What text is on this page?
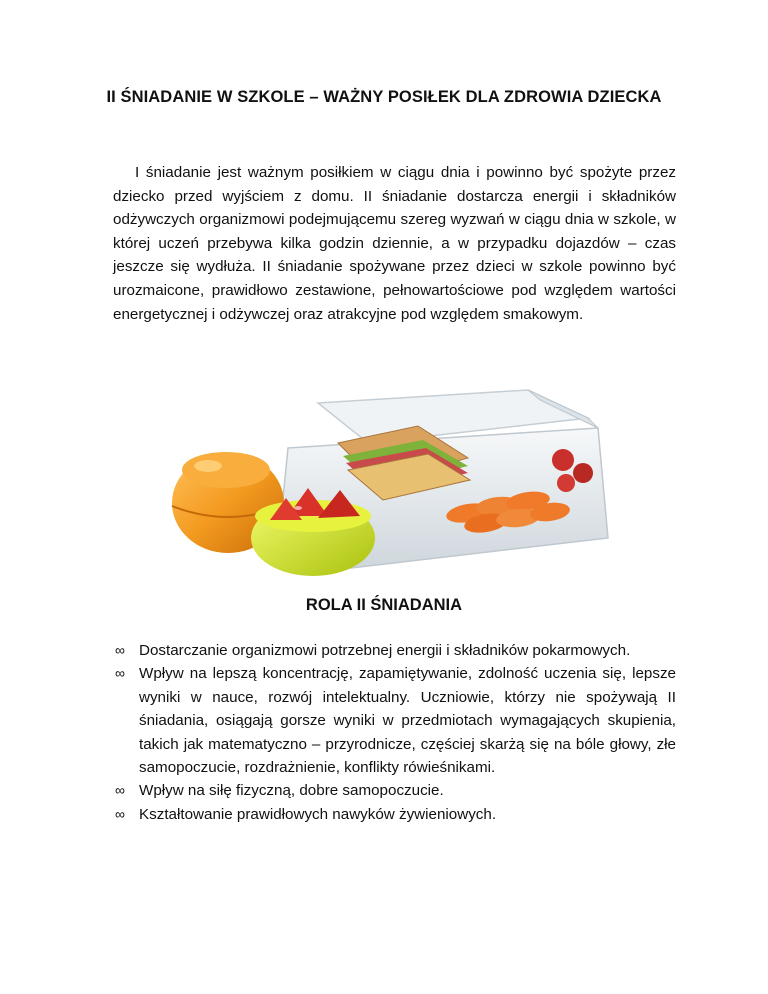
II ŚNIADANIE W SZKOLE – WAŻNY POSIŁEK DLA ZDROWIA DZIECKA

I śniadanie jest ważnym posiłkiem w ciągu dnia i powinno być spożyte przez dziecko przed wyjściem z domu. II śniadanie dostarcza energii i składników odżywczych organizmowi podejmującemu szereg wyzwań w ciągu dnia w szkole, w której uczeń przebywa kilka godzin dziennie, a w przypadku dojazdów – czas jeszcze się wydłuża. II śniadanie spożywane przez dzieci w szkole powinno być urozmaicone, prawidłowo zestawione, pełnowartościowe pod względem wartości energetycznej i odżywczej oraz atrakcyjne pod względem smakowym.

ROLA II ŚNIADANIA
∞ Dostarczanie organizmowi potrzebnej energii i składników pokarmowych.
∞ Wpływ na lepszą koncentrację, zapamiętywanie, zdolność uczenia się, lepsze wyniki w nauce, rozwój intelektualny. Uczniowie, którzy nie spożywają II śniadania, osiągają gorsze wyniki w przedmiotach wymagających skupienia, takich jak matematyczno – przyrodnicze, częściej skarżą się na bóle głowy, złe samopoczucie, rozdrażnienie, konflikty rówieśnikami.
∞ Wpływ na siłę fizyczną, dobre samopoczucie.
∞ Kształtowanie prawidłowych nawyków żywieniowych.
